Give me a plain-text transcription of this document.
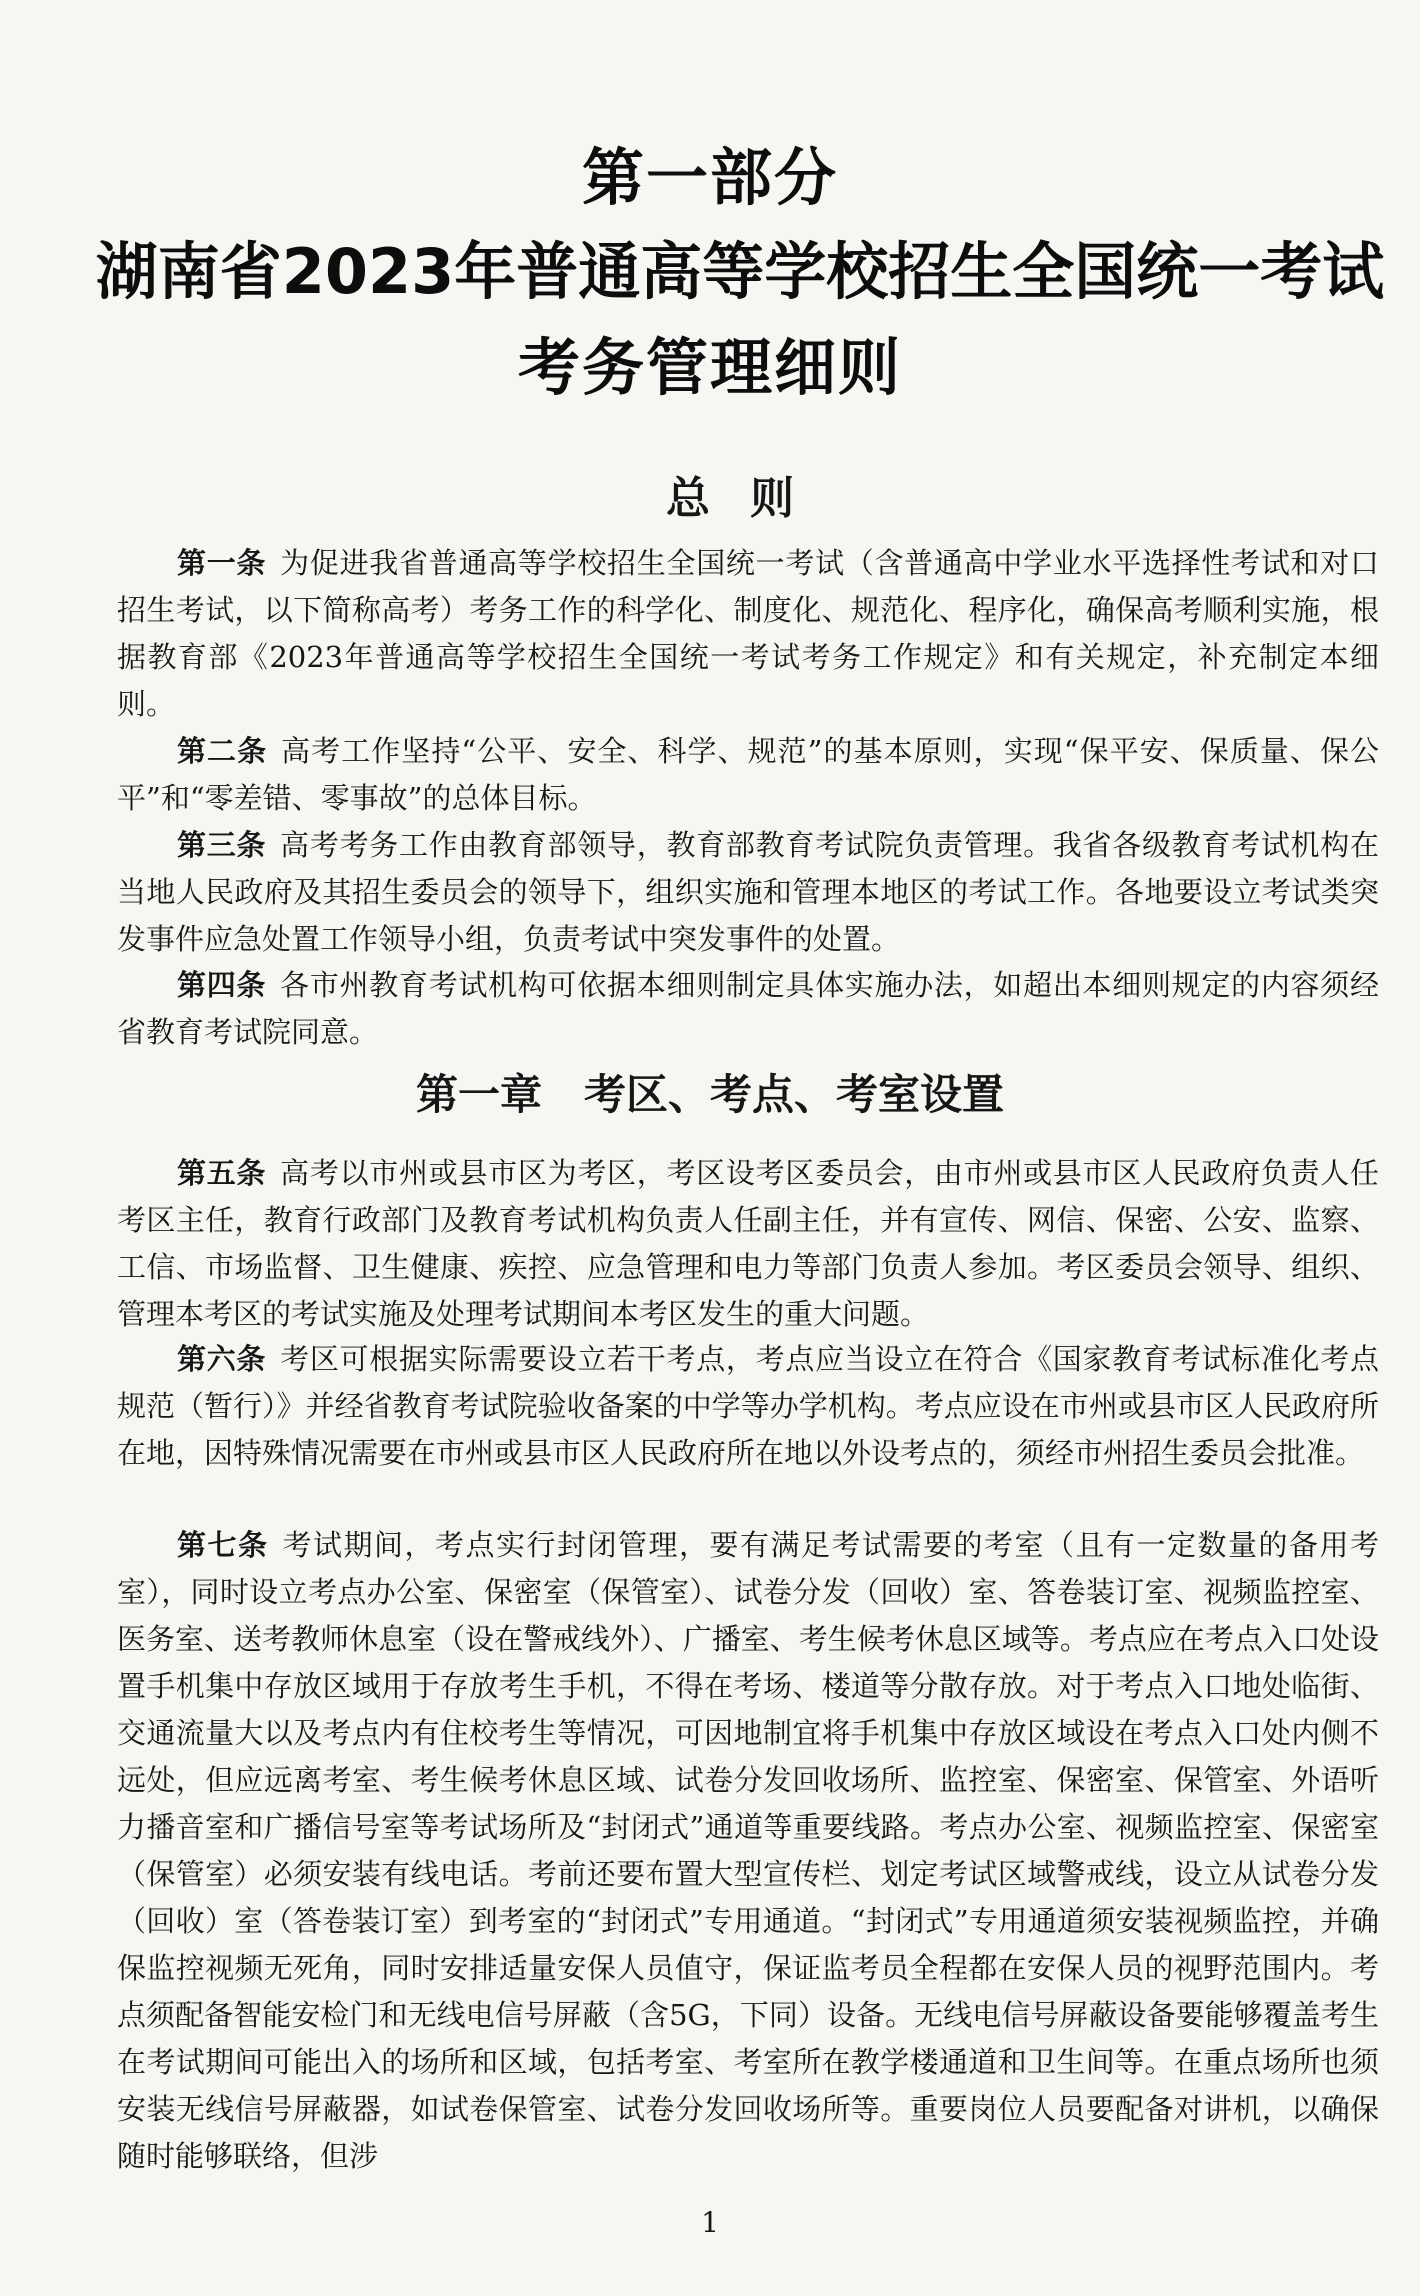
第一部分
湖南省2023年普通高等学校招生全国统一考试
考务管理细则
总则

第一条 为促进我省普通高等学校招生全国统一考试（含普通高中学业水平选择性考试和对口招生考试，以下简称高考）考务工作的科学化、制度化、规范化、程序化，确保高考顺利实施，根据教育部《2023年普通高等学校招生全国统一考试考务工作规定》和有关规定，补充制定本细则。

第二条 高考工作坚持“公平、安全、科学、规范”的基本原则，实现“保平安、保质量、保公平”和“零差错、零事故”的总体目标。

第三条 高考考务工作由教育部领导，教育部教育考试院负责管理。我省各级教育考试机构在当地人民政府及其招生委员会的领导下，组织实施和管理本地区的考试工作。各地要设立考试类突发事件应急处置工作领导小组，负责考试中突发事件的处置。

第四条 各市州教育考试机构可依据本细则制定具体实施办法，如超出本细则规定的内容须经省教育考试院同意。

第一章　考区、考点、考室设置

第五条 高考以市州或县市区为考区，考区设考区委员会，由市州或县市区人民政府负责人任考区主任，教育行政部门及教育考试机构负责人任副主任，并有宣传、网信、保密、公安、监察、工信、市场监督、卫生健康、疾控、应急管理和电力等部门负责人参加。考区委员会领导、组织、管理本考区的考试实施及处理考试期间本考区发生的重大问题。

第六条 考区可根据实际需要设立若干考点，考点应当设立在符合《国家教育考试标准化考点规范（暂行）》并经省教育考试院验收备案的中学等办学机构。考点应设在市州或县市区人民政府所在地，因特殊情况需要在市州或县市区人民政府所在地以外设考点的，须经市州招生委员会批准。

第七条 考试期间，考点实行封闭管理，要有满足考试需要的考室（且有一定数量的备用考室），同时设立考点办公室、保密室（保管室）、试卷分发（回收）室、答卷装订室、视频监控室、医务室、送考教师休息室（设在警戒线外）、广播室、考生候考休息区域等。考点应在考点入口处设置手机集中存放区域用于存放考生手机，不得在考场、楼道等分散存放。对于考点入口地处临街、交通流量大以及考点内有住校考生等情况，可因地制宜将手机集中存放区域设在考点入口处内侧不远处，但应远离考室、考生候考休息区域、试卷分发回收场所、监控室、保密室、保管室、外语听力播音室和广播信号室等考试场所及“封闭式”通道等重要线路。考点办公室、视频监控室、保密室（保管室）必须安装有线电话。考前还要布置大型宣传栏、划定考试区域警戒线，设立从试卷分发（回收）室（答卷装订室）到考室的“封闭式”专用通道。“封闭式”专用通道须安装视频监控，并确保监控视频无死角，同时安排适量安保人员值守，保证监考员全程都在安保人员的视野范围内。考点须配备智能安检门和无线电信号屏蔽（含5G，下同）设备。无线电信号屏蔽设备要能够覆盖考生在考试期间可能出入的场所和区域，包括考室、考室所在教学楼通道和卫生间等。在重点场所也须安装无线信号屏蔽器，如试卷保管室、试卷分发回收场所等。重要岗位人员要配备对讲机，以确保随时能够联络，但涉

1
